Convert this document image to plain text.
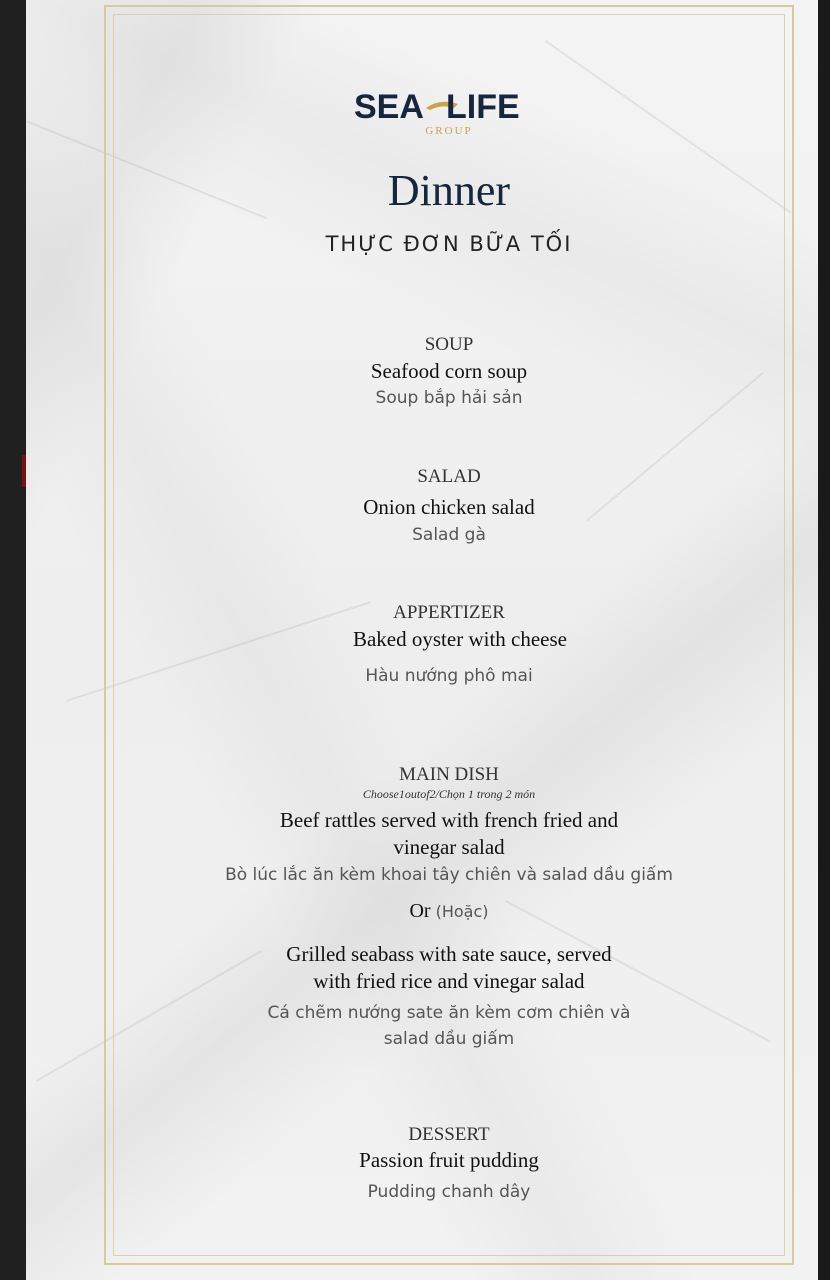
SEA LIFE
GROUP
Dinner
THỰC ĐƠN BỮA TỐI
SOUP
Seafood corn soup
Soup bắp hải sản
SALAD
Onion chicken salad
Salad gà
APPERTIZER
Baked oyster with cheese
Hàu nướng phô mai
MAIN DISH
Choose1outof2/Chọn 1 trong 2 món
Beef rattles served with french fried and
vinegar salad
Bò lúc lắc ăn kèm khoai tây chiên và salad dầu giấm
Or (Hoặc)
Grilled seabass with sate sauce, served
with fried rice and vinegar salad
Cá chẽm nướng sate ăn kèm cơm chiên và
salad dầu giấm
DESSERT
Passion fruit pudding
Pudding chanh dây
